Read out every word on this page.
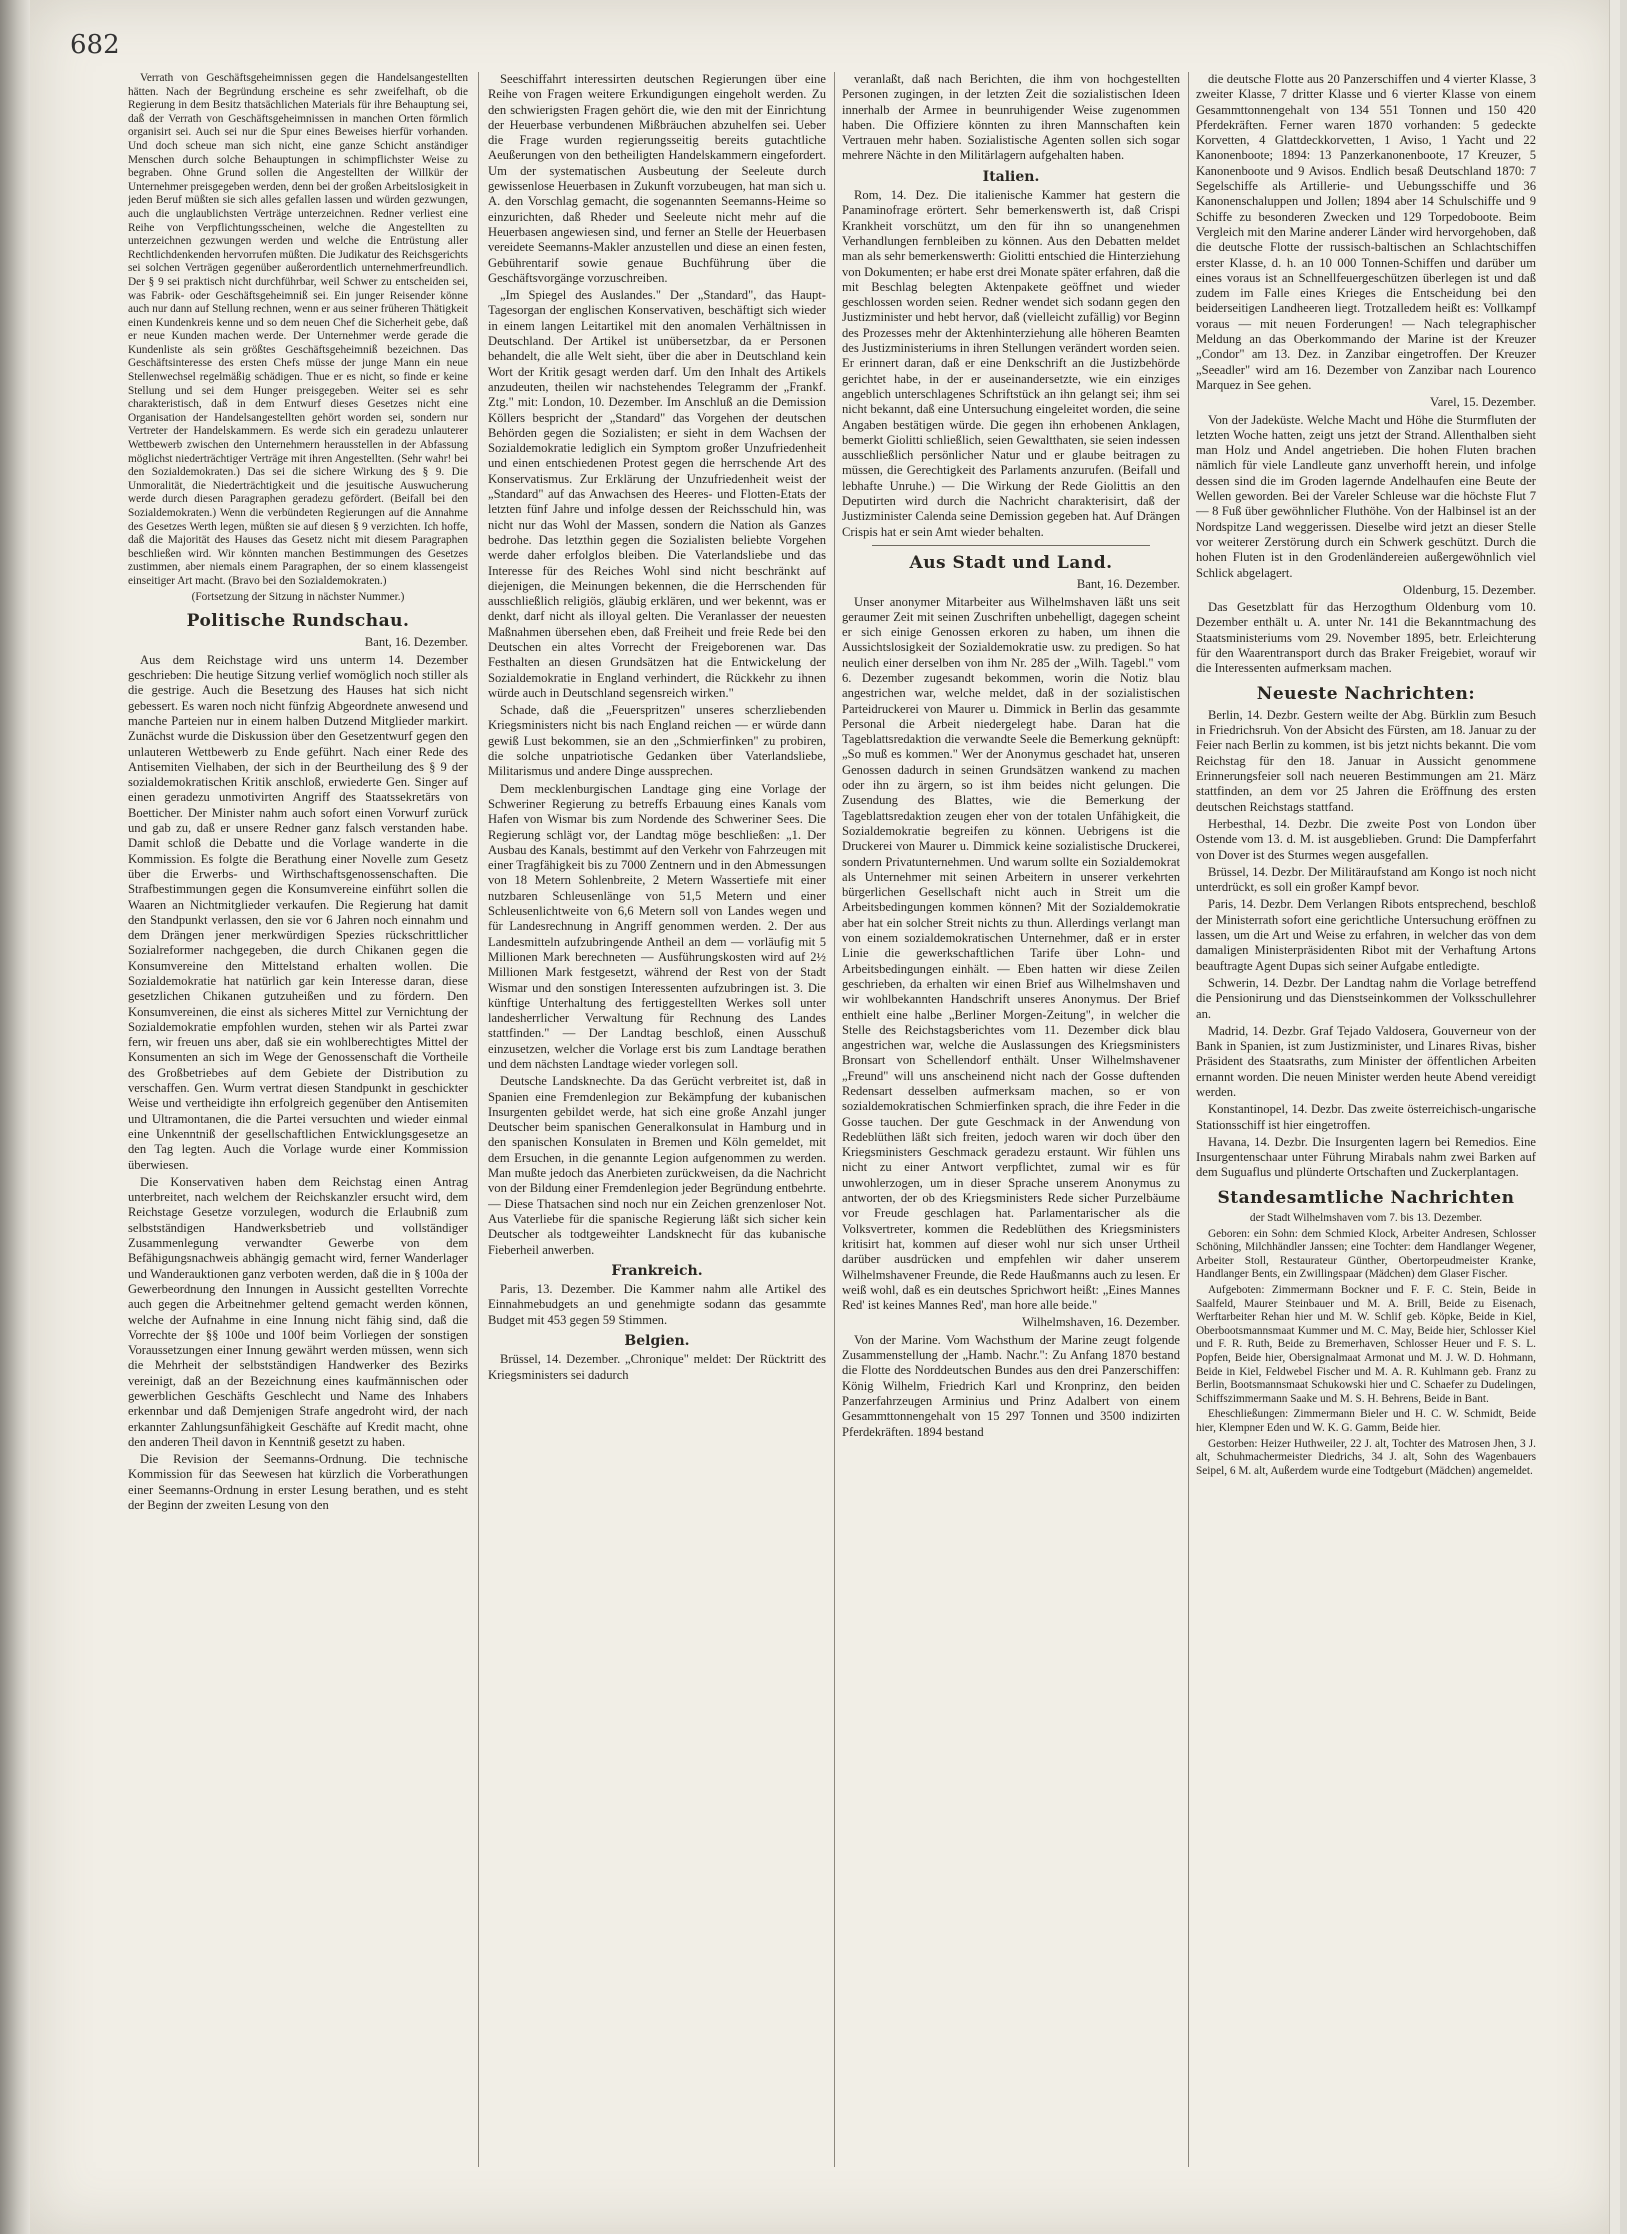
682

Verrath von Geschäftsgeheimnissen gegen die Handelsangestellten hätten. Nach der Begründung erscheine es sehr zweifelhaft, ob die Regierung in dem Besitz thatsächlichen Materials für ihre Behauptung sei, daß der Verrath von Geschäftsgeheimnissen in manchen Orten förmlich organisirt sei. Auch sei nur die Spur eines Beweises hierfür vorhanden. Und doch scheue man sich nicht, eine ganze Schicht anständiger Menschen durch solche Behauptungen in schimpflichster Weise zu begraben. Ohne Grund sollen die Angestellten der Willkür der Unternehmer preisgegeben werden, denn bei der großen Arbeitslosigkeit in jeden Beruf müßten sie sich alles gefallen lassen und würden gezwungen, auch die unglaublichsten Verträge unterzeichnen. Redner verliest eine Reihe von Verpflichtungsscheinen, welche die Angestellten zu unterzeichnen gezwungen werden und welche die Entrüstung aller Rechtlichdenkenden hervorrufen müßten. Die Judikatur des Reichsgerichts sei solchen Verträgen gegenüber außerordentlich unternehmerfreundlich. Der § 9 sei praktisch nicht durchführbar, weil Schwer zu entscheiden sei, was Fabrik- oder Geschäftsgeheimniß sei. Ein junger Reisender könne auch nur dann auf Stellung rechnen, wenn er aus seiner früheren Thätigkeit einen Kundenkreis kenne und so dem neuen Chef die Sicherheit gebe, daß er neue Kunden machen werde. Der Unternehmer werde gerade die Kundenliste als sein größtes Geschäftsgeheimniß bezeichnen. Das Geschäftsinteresse des ersten Chefs müsse der junge Mann ein neue Stellenwechsel regelmäßig schädigen. Thue er es nicht, so finde er keine Stellung und sei dem Hunger preisgegeben. Weiter sei es sehr charakteristisch, daß in dem Entwurf dieses Gesetzes nicht eine Organisation der Handelsangestellten gehört worden sei, sondern nur Vertreter der Handelskammern. Es werde sich ein geradezu unlauterer Wettbewerb zwischen den Unternehmern herausstellen in der Abfassung möglichst niederträchtiger Verträge mit ihren Angestellten. (Sehr wahr! bei den Sozialdemokraten.) Das sei die sichere Wirkung des § 9. Die Unmoralität, die Niederträchtigkeit und die jesuitische Auswucherung werde durch diesen Paragraphen geradezu gefördert. (Beifall bei den Sozialdemokraten.) Wenn die verbündeten Regierungen auf die Annahme des Gesetzes Werth legen, müßten sie auf diesen § 9 verzichten. Ich hoffe, daß die Majorität des Hauses das Gesetz nicht mit diesem Paragraphen beschließen wird. Wir könnten manchen Bestimmungen des Gesetzes zustimmen, aber niemals einem Paragraphen, der so einem klassengeist einseitiger Art macht. (Bravo bei den Sozialdemokraten.)

(Fortsetzung der Sitzung in nächster Nummer.)

Politische Rundschau.

Bant, 16. Dezember.

Aus dem Reichstage wird uns unterm 14. Dezember geschrieben: Die heutige Sitzung verlief womöglich noch stiller als die gestrige. Auch die Besetzung des Hauses hat sich nicht gebessert. Es waren noch nicht fünfzig Abgeordnete anwesend und manche Parteien nur in einem halben Dutzend Mitglieder markirt. Zunächst wurde die Diskussion über den Gesetzentwurf gegen den unlauteren Wettbewerb zu Ende geführt. Nach einer Rede des Antisemiten Vielhaben, der sich in der Beurtheilung des § 9 der sozialdemokratischen Kritik anschloß, erwiederte Gen. Singer auf einen geradezu unmotivirten Angriff des Staatssekretärs von Boetticher. Der Minister nahm auch sofort einen Vorwurf zurück und gab zu, daß er unsere Redner ganz falsch verstanden habe. Damit schloß die Debatte und die Vorlage wanderte in die Kommission. Es folgte die Berathung einer Novelle zum Gesetz über die Erwerbs- und Wirthschaftsgenossenschaften. Die Strafbestimmungen gegen die Konsumvereine einführt sollen die Waaren an Nichtmitglieder verkaufen. Die Regierung hat damit den Standpunkt verlassen, den sie vor 6 Jahren noch einnahm und dem Drängen jener merkwürdigen Spezies rückschrittlicher Sozialreformer nachgegeben, die durch Chikanen gegen die Konsumvereine den Mittelstand erhalten wollen. Die Sozialdemokratie hat natürlich gar kein Interesse daran, diese gesetzlichen Chikanen gutzuheißen und zu fördern. Den Konsumvereinen, die einst als sicheres Mittel zur Vernichtung der Sozialdemokratie empfohlen wurden, stehen wir als Partei zwar fern, wir freuen uns aber, daß sie ein wohlberechtigtes Mittel der Konsumenten an sich im Wege der Genossenschaft die Vortheile des Großbetriebes auf dem Gebiete der Distribution zu verschaffen. Gen. Wurm vertrat diesen Standpunkt in geschickter Weise und vertheidigte ihn erfolgreich gegenüber den Antisemiten und Ultramontanen, die die Partei versuchten und wieder einmal eine Unkenntniß der gesellschaftlichen Entwicklungsgesetze an den Tag legten. Auch die Vorlage wurde einer Kommission überwiesen.

Die Konservativen haben dem Reichstag einen Antrag unterbreitet, nach welchem der Reichskanzler ersucht wird, dem Reichstage Gesetze vorzulegen, wodurch die Erlaubniß zum selbstständigen Handwerksbetrieb und vollständiger Zusammenlegung verwandter Gewerbe von dem Befähigungsnachweis abhängig gemacht wird, ferner Wanderlager und Wanderauktionen ganz verboten werden, daß die in § 100a der Gewerbeordnung den Innungen in Aussicht gestellten Vorrechte auch gegen die Arbeitnehmer geltend gemacht werden können, welche der Aufnahme in eine Innung nicht fähig sind, daß die Vorrechte der §§ 100e und 100f beim Vorliegen der sonstigen Voraussetzungen einer Innung gewährt werden müssen, wenn sich die Mehrheit der selbstständigen Handwerker des Bezirks vereinigt, daß an der Bezeichnung eines kaufmännischen oder gewerblichen Geschäfts Geschlecht und Name des Inhabers erkennbar und daß Demjenigen Strafe angedroht wird, der nach erkannter Zahlungsunfähigkeit Geschäfte auf Kredit macht, ohne den anderen Theil davon in Kenntniß gesetzt zu haben.

Die Revision der Seemanns-Ordnung. Die technische Kommission für das Seewesen hat kürzlich die Vorberathungen einer Seemanns-Ordnung in erster Lesung berathen, und es steht der Beginn der zweiten Lesung von den

Seeschiffahrt interessirten deutschen Regierungen über eine Reihe von Fragen weitere Erkundigungen eingeholt werden. Zu den schwierigsten Fragen gehört die, wie den mit der Einrichtung der Heuerbase verbundenen Mißbräuchen abzuhelfen sei. Ueber die Frage wurden regierungsseitig bereits gutachtliche Aeußerungen von den betheiligten Handelskammern eingefordert. Um der systematischen Ausbeutung der Seeleute durch gewissenlose Heuerbasen in Zukunft vorzubeugen, hat man sich u. A. den Vorschlag gemacht, die sogenannten Seemanns-Heime so einzurichten, daß Rheder und Seeleute nicht mehr auf die Heuerbasen angewiesen sind, und ferner an Stelle der Heuerbasen vereidete Seemanns-Makler anzustellen und diese an einen festen, Gebührentarif sowie genaue Buchführung über die Geschäftsvorgänge vorzuschreiben.

„Im Spiegel des Auslandes." Der „Standard", das Haupt-Tagesorgan der englischen Konservativen, beschäftigt sich wieder in einem langen Leitartikel mit den anomalen Verhältnissen in Deutschland. Der Artikel ist unübersetzbar, da er Personen behandelt, die alle Welt sieht, über die aber in Deutschland kein Wort der Kritik gesagt werden darf. Um den Inhalt des Artikels anzudeuten, theilen wir nachstehendes Telegramm der „Frankf. Ztg." mit: London, 10. Dezember. Im Anschluß an die Demission Köllers bespricht der „Standard" das Vorgehen der deutschen Behörden gegen die Sozialisten; er sieht in dem Wachsen der Sozialdemokratie lediglich ein Symptom großer Unzufriedenheit und einen entschiedenen Protest gegen die herrschende Art des Konservatismus. Zur Erklärung der Unzufriedenheit weist der „Standard" auf das Anwachsen des Heeres- und Flotten-Etats der letzten fünf Jahre und infolge dessen der Reichsschuld hin, was nicht nur das Wohl der Massen, sondern die Nation als Ganzes bedrohe. Das letzthin gegen die Sozialisten beliebte Vorgehen werde daher erfolglos bleiben. Die Vaterlandsliebe und das Interesse für des Reiches Wohl sind nicht beschränkt auf diejenigen, die Meinungen bekennen, die die Herrschenden für ausschließlich religiös, gläubig erklären, und wer bekennt, was er denkt, darf nicht als illoyal gelten. Die Veranlasser der neuesten Maßnahmen übersehen eben, daß Freiheit und freie Rede bei den Deutschen ein altes Vorrecht der Freigeborenen war. Das Festhalten an diesen Grundsätzen hat die Entwickelung der Sozialdemokratie in England verhindert, die Rückkehr zu ihnen würde auch in Deutschland segensreich wirken."

Schade, daß die „Feuerspritzen" unseres scherzliebenden Kriegsministers nicht bis nach England reichen — er würde dann gewiß Lust bekommen, sie an den „Schmierfinken" zu probiren, die solche unpatriotische Gedanken über Vaterlandsliebe, Militarismus und andere Dinge aussprechen.

Dem mecklenburgischen Landtage ging eine Vorlage der Schweriner Regierung zu betreffs Erbauung eines Kanals vom Hafen von Wismar bis zum Nordende des Schweriner Sees. Die Regierung schlägt vor, der Landtag möge beschließen: „1. Der Ausbau des Kanals, bestimmt auf den Verkehr von Fahrzeugen mit einer Tragfähigkeit bis zu 7000 Zentnern und in den Abmessungen von 18 Metern Sohlenbreite, 2 Metern Wassertiefe mit einer nutzbaren Schleusenlänge von 51,5 Metern und einer Schleusenlichtweite von 6,6 Metern soll von Landes wegen und für Landesrechnung in Angriff genommen werden. 2. Der aus Landesmitteln aufzubringende Antheil an dem — vorläufig mit 5 Millionen Mark berechneten — Ausführungskosten wird auf 2½ Millionen Mark festgesetzt, während der Rest von der Stadt Wismar und den sonstigen Interessenten aufzubringen ist. 3. Die künftige Unterhaltung des fertiggestellten Werkes soll unter landesherrlicher Verwaltung für Rechnung des Landes stattfinden." — Der Landtag beschloß, einen Ausschuß einzusetzen, welcher die Vorlage erst bis zum Landtage berathen und dem nächsten Landtage wieder vorlegen soll.

Deutsche Landsknechte. Da das Gerücht verbreitet ist, daß in Spanien eine Fremdenlegion zur Bekämpfung der kubanischen Insurgenten gebildet werde, hat sich eine große Anzahl junger Deutscher beim spanischen Generalkonsulat in Hamburg und in den spanischen Konsulaten in Bremen und Köln gemeldet, mit dem Ersuchen, in die genannte Legion aufgenommen zu werden. Man mußte jedoch das Anerbieten zurückweisen, da die Nachricht von der Bildung einer Fremdenlegion jeder Begründung entbehrte. — Diese Thatsachen sind noch nur ein Zeichen grenzenloser Not. Aus Vaterliebe für die spanische Regierung läßt sich sicher kein Deutscher als todtgeweihter Landsknecht für das kubanische Fieberheil anwerben.

Frankreich.

Paris, 13. Dezember. Die Kammer nahm alle Artikel des Einnahmebudgets an und genehmigte sodann das gesammte Budget mit 453 gegen 59 Stimmen.

Belgien.

Brüssel, 14. Dezember. „Chronique" meldet: Der Rücktritt des Kriegsministers sei dadurch

veranlaßt, daß nach Berichten, die ihm von hochgestellten Personen zugingen, in der letzten Zeit die sozialistischen Ideen innerhalb der Armee in beunruhigender Weise zugenommen haben. Die Offiziere könnten zu ihren Mannschaften kein Vertrauen mehr haben. Sozialistische Agenten sollen sich sogar mehrere Nächte in den Militärlagern aufgehalten haben.

Italien.

Rom, 14. Dez. Die italienische Kammer hat gestern die Panaminofrage erörtert. Sehr bemerkenswerth ist, daß Crispi Krankheit vorschützt, um den für ihn so unangenehmen Verhandlungen fernbleiben zu können. Aus den Debatten meldet man als sehr bemerkenswerth: Giolitti entschied die Hinterziehung von Dokumenten; er habe erst drei Monate später erfahren, daß die mit Beschlag belegten Aktenpakete geöffnet und wieder geschlossen worden seien. Redner wendet sich sodann gegen den Justizminister und hebt hervor, daß (vielleicht zufällig) vor Beginn des Prozesses mehr der Aktenhinterziehung alle höheren Beamten des Justizministeriums in ihren Stellungen verändert worden seien. Er erinnert daran, daß er eine Denkschrift an die Justizbehörde gerichtet habe, in der er auseinandersetzte, wie ein einziges angeblich unterschlagenes Schriftstück an ihn gelangt sei; ihm sei nicht bekannt, daß eine Untersuchung eingeleitet worden, die seine Angaben bestätigen würde. Die gegen ihn erhobenen Anklagen, bemerkt Giolitti schließlich, seien Gewaltthaten, sie seien indessen ausschließlich persönlicher Natur und er glaube beitragen zu müssen, die Gerechtigkeit des Parlaments anzurufen. (Beifall und lebhafte Unruhe.) — Die Wirkung der Rede Giolittis an den Deputirten wird durch die Nachricht charakterisirt, daß der Justizminister Calenda seine Demission gegeben hat. Auf Drängen Crispis hat er sein Amt wieder behalten.

Aus Stadt und Land.

Bant, 16. Dezember.

Unser anonymer Mitarbeiter aus Wilhelmshaven läßt uns seit geraumer Zeit mit seinen Zuschriften unbehelligt, dagegen scheint er sich einige Genossen erkoren zu haben, um ihnen die Aussichtslosigkeit der Sozialdemokratie usw. zu predigen. So hat neulich einer derselben von ihm Nr. 285 der „Wilh. Tagebl." vom 6. Dezember zugesandt bekommen, worin die Notiz blau angestrichen war, welche meldet, daß in der sozialistischen Parteidruckerei von Maurer u. Dimmick in Berlin das gesammte Personal die Arbeit niedergelegt habe. Daran hat die Tageblattsredaktion die verwandte Seele die Bemerkung geknüpft: „So muß es kommen." Wer der Anonymus geschadet hat, unseren Genossen dadurch in seinen Grundsätzen wankend zu machen oder ihn zu ärgern, so ist ihm beides nicht gelungen. Die Zusendung des Blattes, wie die Bemerkung der Tageblattsredaktion zeugen eher von der totalen Unfähigkeit, die Sozialdemokratie begreifen zu können. Uebrigens ist die Druckerei von Maurer u. Dimmick keine sozialistische Druckerei, sondern Privatunternehmen. Und warum sollte ein Sozialdemokrat als Unternehmer mit seinen Arbeitern in unserer verkehrten bürgerlichen Gesellschaft nicht auch in Streit um die Arbeitsbedingungen kommen können? Mit der Sozialdemokratie aber hat ein solcher Streit nichts zu thun. Allerdings verlangt man von einem sozialdemokratischen Unternehmer, daß er in erster Linie die gewerkschaftlichen Tarife über Lohn- und Arbeitsbedingungen einhält. — Eben hatten wir diese Zeilen geschrieben, da erhalten wir einen Brief aus Wilhelmshaven und wir wohlbekannten Handschrift unseres Anonymus. Der Brief enthielt eine halbe „Berliner Morgen-Zeitung", in welcher die Stelle des Reichstagsberichtes vom 11. Dezember dick blau angestrichen war, welche die Auslassungen des Kriegsministers Bronsart von Schellendorf enthält. Unser Wilhelmshavener „Freund" will uns anscheinend nicht nach der Gosse duftenden Redensart desselben aufmerksam machen, so er von sozialdemokratischen Schmierfinken sprach, die ihre Feder in die Gosse tauchen. Der gute Geschmack in der Anwendung von Redeblüthen läßt sich freiten, jedoch waren wir doch über den Kriegsministers Geschmack geradezu erstaunt. Wir fühlen uns nicht zu einer Antwort verpflichtet, zumal wir es für unwohlerzogen, um in dieser Sprache unserem Anonymus zu antworten, der ob des Kriegsministers Rede sicher Purzelbäume vor Freude geschlagen hat. Parlamentarischer als die Volksvertreter, kommen die Redeblüthen des Kriegsministers kritisirt hat, kommen auf dieser wohl nur sich unser Urtheil darüber ausdrücken und empfehlen wir daher unserem Wilhelmshavener Freunde, die Rede Haußmanns auch zu lesen. Er weiß wohl, daß es ein deutsches Sprichwort heißt: „Eines Mannes Red' ist keines Mannes Red', man hore alle beide."

Wilhelmshaven, 16. Dezember.

Von der Marine. Vom Wachsthum der Marine zeugt folgende Zusammenstellung der „Hamb. Nachr.": Zu Anfang 1870 bestand die Flotte des Norddeutschen Bundes aus den drei Panzerschiffen: König Wilhelm, Friedrich Karl und Kronprinz, den beiden Panzerfahrzeugen Arminius und Prinz Adalbert von einem Gesammttonnengehalt von 15 297 Tonnen und 3500 indizirten Pferdekräften. 1894 bestand

die deutsche Flotte aus 20 Panzerschiffen und 4 vierter Klasse, 3 zweiter Klasse, 7 dritter Klasse und 6 vierter Klasse von einem Gesammttonnengehalt von 134 551 Tonnen und 150 420 Pferdekräften. Ferner waren 1870 vorhanden: 5 gedeckte Korvetten, 4 Glattdeckkorvetten, 1 Aviso, 1 Yacht und 22 Kanonenboote; 1894: 13 Panzerkanonenboote, 17 Kreuzer, 5 Kanonenboote und 9 Avisos. Endlich besaß Deutschland 1870: 7 Segelschiffe als Artillerie- und Uebungsschiffe und 36 Kanonenschaluppen und Jollen; 1894 aber 14 Schulschiffe und 9 Schiffe zu besonderen Zwecken und 129 Torpedoboote. Beim Vergleich mit den Marine anderer Länder wird hervorgehoben, daß die deutsche Flotte der russisch-baltischen an Schlachtschiffen erster Klasse, d. h. an 10 000 Tonnen-Schiffen und darüber um eines voraus ist an Schnellfeuergeschützen überlegen ist und daß zudem im Falle eines Krieges die Entscheidung bei den beiderseitigen Landheeren liegt. Trotzalledem heißt es: Vollkampf voraus — mit neuen Forderungen! — Nach telegraphischer Meldung an das Oberkommando der Marine ist der Kreuzer „Condor" am 13. Dez. in Zanzibar eingetroffen. Der Kreuzer „Seeadler" wird am 16. Dezember von Zanzibar nach Lourenco Marquez in See gehen.

Varel, 15. Dezember.

Von der Jadeküste. Welche Macht und Höhe die Sturmfluten der letzten Woche hatten, zeigt uns jetzt der Strand. Allenthalben sieht man Holz und Andel angetrieben. Die hohen Fluten brachen nämlich für viele Landleute ganz unverhofft herein, und infolge dessen sind die im Groden lagernde Andelhaufen eine Beute der Wellen geworden. Bei der Vareler Schleuse war die höchste Flut 7 — 8 Fuß über gewöhnlicher Fluthöhe. Von der Halbinsel ist an der Nordspitze Land weggerissen. Dieselbe wird jetzt an dieser Stelle vor weiterer Zerstörung durch ein Schwerk geschützt. Durch die hohen Fluten ist in den Grodenländereien außergewöhnlich viel Schlick abgelagert.

Oldenburg, 15. Dezember.

Das Gesetzblatt für das Herzogthum Oldenburg vom 10. Dezember enthält u. A. unter Nr. 141 die Bekanntmachung des Staatsministeriums vom 29. November 1895, betr. Erleichterung für den Waarentransport durch das Braker Freigebiet, worauf wir die Interessenten aufmerksam machen.

Neueste Nachrichten:

Berlin, 14. Dezbr. Gestern weilte der Abg. Bürklin zum Besuch in Friedrichsruh. Von der Absicht des Fürsten, am 18. Januar zu der Feier nach Berlin zu kommen, ist bis jetzt nichts bekannt. Die vom Reichstag für den 18. Januar in Aussicht genommene Erinnerungsfeier soll nach neueren Bestimmungen am 21. März stattfinden, an dem vor 25 Jahren die Eröffnung des ersten deutschen Reichstags stattfand.

Herbesthal, 14. Dezbr. Die zweite Post von London über Ostende vom 13. d. M. ist ausgeblieben. Grund: Die Dampferfahrt von Dover ist des Sturmes wegen ausgefallen.

Brüssel, 14. Dezbr. Der Militäraufstand am Kongo ist noch nicht unterdrückt, es soll ein großer Kampf bevor.

Paris, 14. Dezbr. Dem Verlangen Ribots entsprechend, beschloß der Ministerrath sofort eine gerichtliche Untersuchung eröffnen zu lassen, um die Art und Weise zu erfahren, in welcher das von dem damaligen Ministerpräsidenten Ribot mit der Verhaftung Artons beauftragte Agent Dupas sich seiner Aufgabe entledigte.

Schwerin, 14. Dezbr. Der Landtag nahm die Vorlage betreffend die Pensionirung und das Dienstseinkommen der Volksschullehrer an.

Madrid, 14. Dezbr. Graf Tejado Valdosera, Gouverneur von der Bank in Spanien, ist zum Justizminister, und Linares Rivas, bisher Präsident des Staatsraths, zum Minister der öffentlichen Arbeiten ernannt worden. Die neuen Minister werden heute Abend vereidigt werden.

Konstantinopel, 14. Dezbr. Das zweite österreichisch-ungarische Stationsschiff ist hier eingetroffen.

Havana, 14. Dezbr. Die Insurgenten lagern bei Remedios. Eine Insurgentenschaar unter Führung Mirabals nahm zwei Barken auf dem Suguaflus und plünderte Ortschaften und Zuckerplantagen.

Standesamtliche Nachrichten

der Stadt Wilhelmshaven vom 7. bis 13. Dezember.

Geboren: ein Sohn: dem Schmied Klock, Arbeiter Andresen, Schlosser Schöning, Milchhändler Janssen; eine Tochter: dem Handlanger Wegener, Arbeiter Stoll, Restaurateur Günther, Obertorpeudmeister Kranke, Handlanger Bents, ein Zwillingspaar (Mädchen) dem Glaser Fischer.

Aufgeboten: Zimmermann Bockner und F. F. C. Stein, Beide in Saalfeld, Maurer Steinbauer und M. A. Brill, Beide zu Eisenach, Werftarbeiter Rehan hier und M. W. Schlif geb. Köpke, Beide in Kiel, Oberbootsmannsmaat Kummer und M. C. May, Beide hier, Schlosser Kiel und F. R. Ruth, Beide zu Bremerhaven, Schlosser Heuer und F. S. L. Popfen, Beide hier, Obersignalmaat Armonat und M. J. W. D. Hohmann, Beide in Kiel, Feldwebel Fischer und M. A. R. Kuhlmann geb. Franz zu Berlin, Bootsmannsmaat Schukowski hier und C. Schaefer zu Dudelingen, Schiffszimmermann Saake und M. S. H. Behrens, Beide in Bant.

Eheschließungen: Zimmermann Bieler und H. C. W. Schmidt, Beide hier, Klempner Eden und W. K. G. Gamm, Beide hier.

Gestorben: Heizer Huthweiler, 22 J. alt, Tochter des Matrosen Jhen, 3 J. alt, Schuhmachermeister Diedrichs, 34 J. alt, Sohn des Wagenbauers Seipel, 6 M. alt, Außerdem wurde eine Todtgeburt (Mädchen) angemeldet.
